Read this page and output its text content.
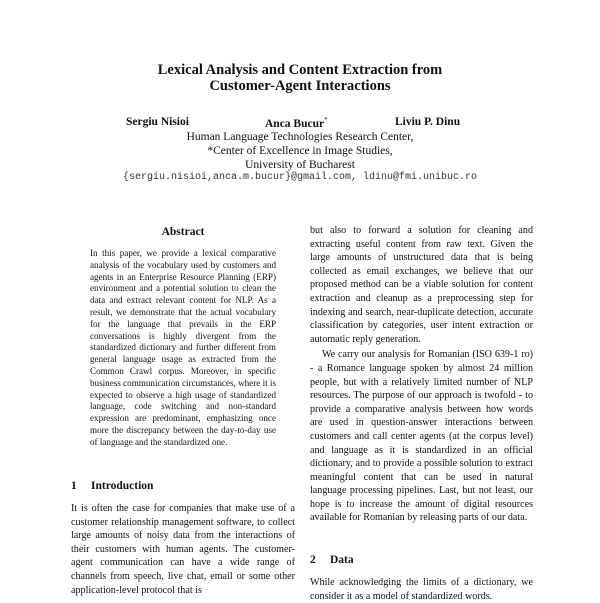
Lexical Analysis and Content Extraction from
Customer-Agent Interactions
Sergiu Nisioi	Anca Bucur*	Liviu P. Dinu
Human Language Technologies Research Center,
*Center of Excellence in Image Studies,
University of Bucharest
{sergiu.nisioi,anca.m.bucur}@gmail.com, ldinu@fmi.unibuc.ro
Abstract
In this paper, we provide a lexical comparative analysis of the vocabulary used by customers and agents in an Enterprise Resource Planning (ERP) environment and a potential solution to clean the data and extract relevant content for NLP. As a result, we demonstrate that the actual vocabulary for the language that prevails in the ERP conversations is highly divergent from the standardized dictionary and further different from general language usage as extracted from the Common Crawl corpus. Moreover, in specific business communication circumstances, where it is expected to observe a high usage of standardized language, code switching and non-standard expression are predominant, emphasizing once more the discrepancy between the day-to-day use of language and the standardized one.
1 Introduction
It is often the case for companies that make use of a customer relationship management software, to collect large amounts of noisy data from the interactions of their customers with human agents. The customer-agent communication can have a wide range of channels from speech, live chat, email or some other application-level protocol that is
but also to forward a solution for cleaning and extracting useful content from raw text. Given the large amounts of unstructured data that is being collected as email exchanges, we believe that our proposed method can be a viable solution for content extraction and cleanup as a preprocessing step for indexing and search, near-duplicate detection, accurate classification by categories, user intent extraction or automatic reply generation.
We carry our analysis for Romanian (ISO 639-1 ro) - a Romance language spoken by almost 24 million people, but with a relatively limited number of NLP resources. The purpose of our approach is twofold - to provide a comparative analysis between how words are used in question-answer interactions between customers and call center agents (at the corpus level) and language as it is standardized in an official dictionary, and to provide a possible solution to extract meaningful content that can be used in natural language processing pipelines. Last, but not least, our hope is to increase the amount of digital resources available for Romanian by releasing parts of our data.
2 Data
While acknowledging the limits of a dictionary, we consider it as a model of standardized words.
